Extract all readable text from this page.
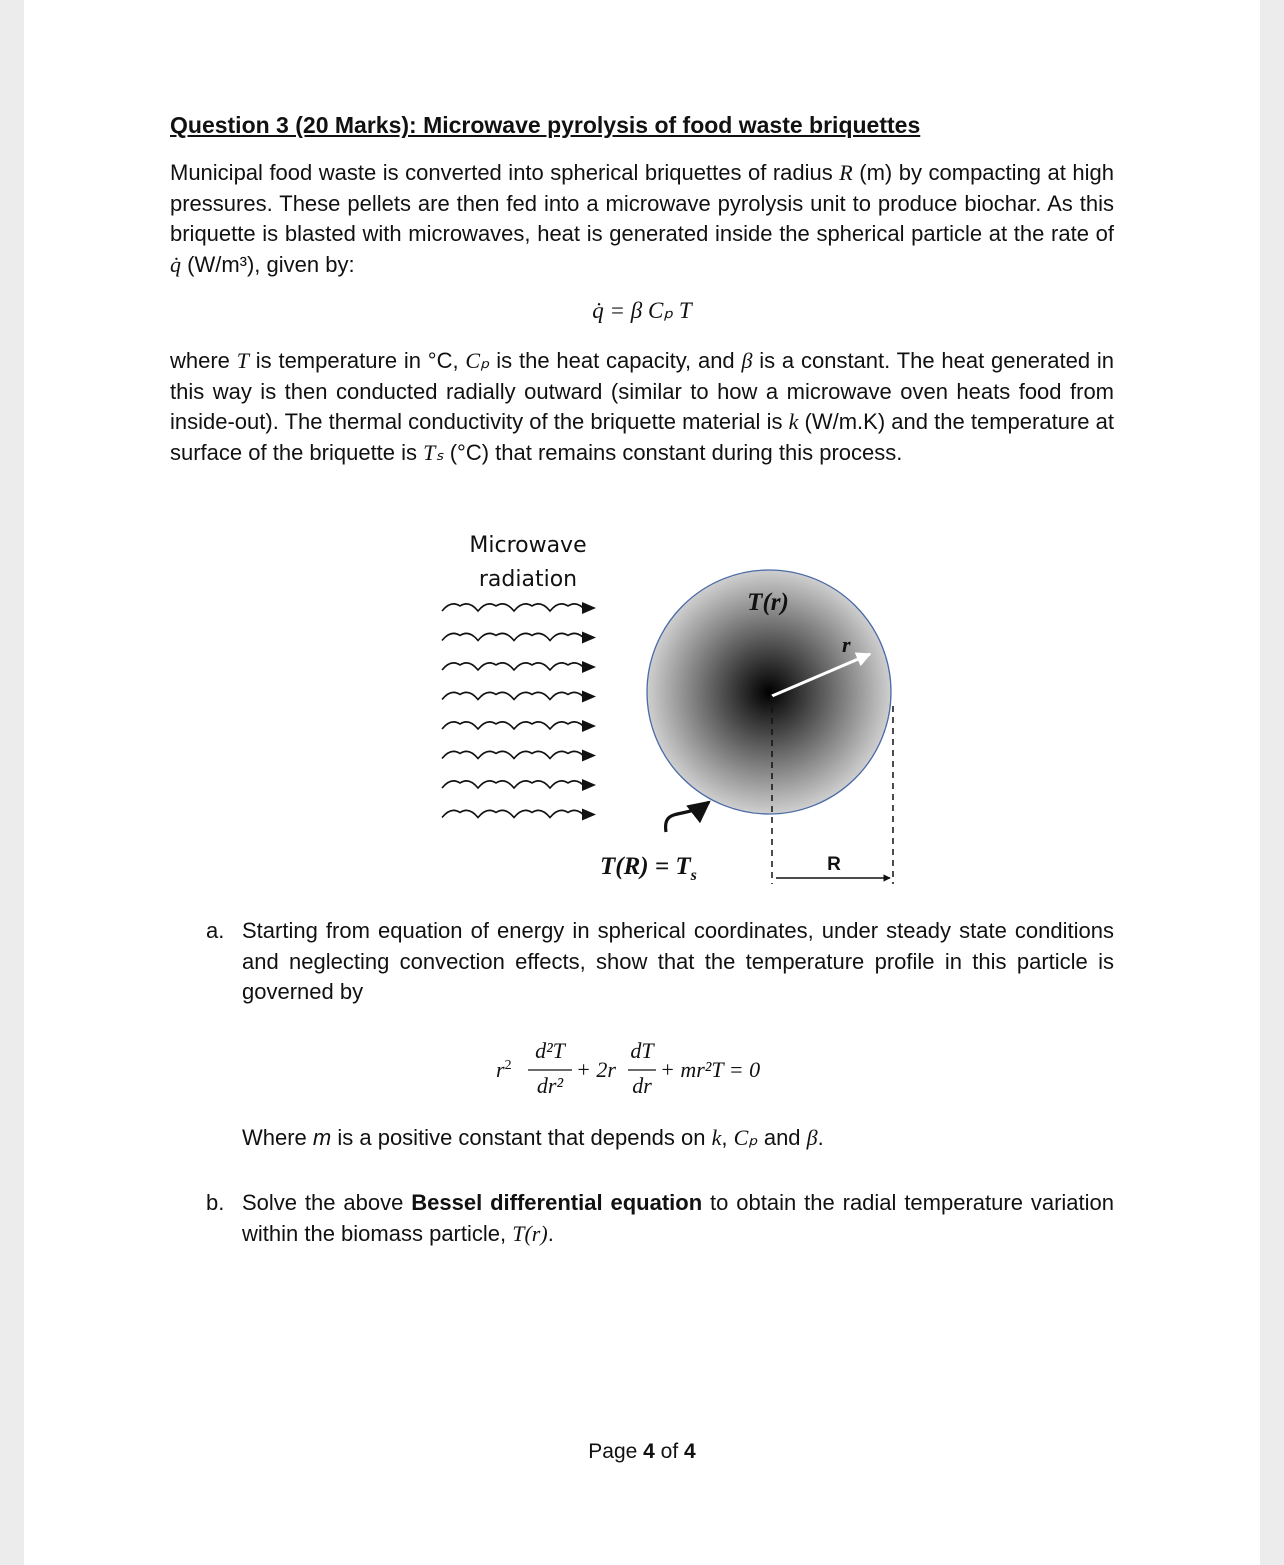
Question 3 (20 Marks): Microwave pyrolysis of food waste briquettes
Municipal food waste is converted into spherical briquettes of radius R (m) by compacting at high pressures. These pellets are then fed into a microwave pyrolysis unit to produce biochar. As this briquette is blasted with microwaves, heat is generated inside the spherical particle at the rate of q̇ (W/m³), given by:
q̇ = β Cₚ T
where T is temperature in °C, Cₚ is the heat capacity, and β is a constant. The heat generated in this way is then conducted radially outward (similar to how a microwave oven heats food from inside-out). The thermal conductivity of the briquette material is k (W/m.K) and the temperature at surface of the briquette is Tₛ (°C) that remains constant during this process.
Microwave
radiation
T(r)
r
$T(R) = T_s$
R
a. Starting from equation of energy in spherical coordinates, under steady state conditions and neglecting convection effects, show that the temperature profile in this particle is governed by
$r^2$
d²T
dr²
+ 2r
dT
dr
+ mr²T = 0
Where m is a positive constant that depends on k, Cₚ and β.
b. Solve the above Bessel differential equation to obtain the radial temperature variation within the biomass particle, T(r).
Page 4 of 4
